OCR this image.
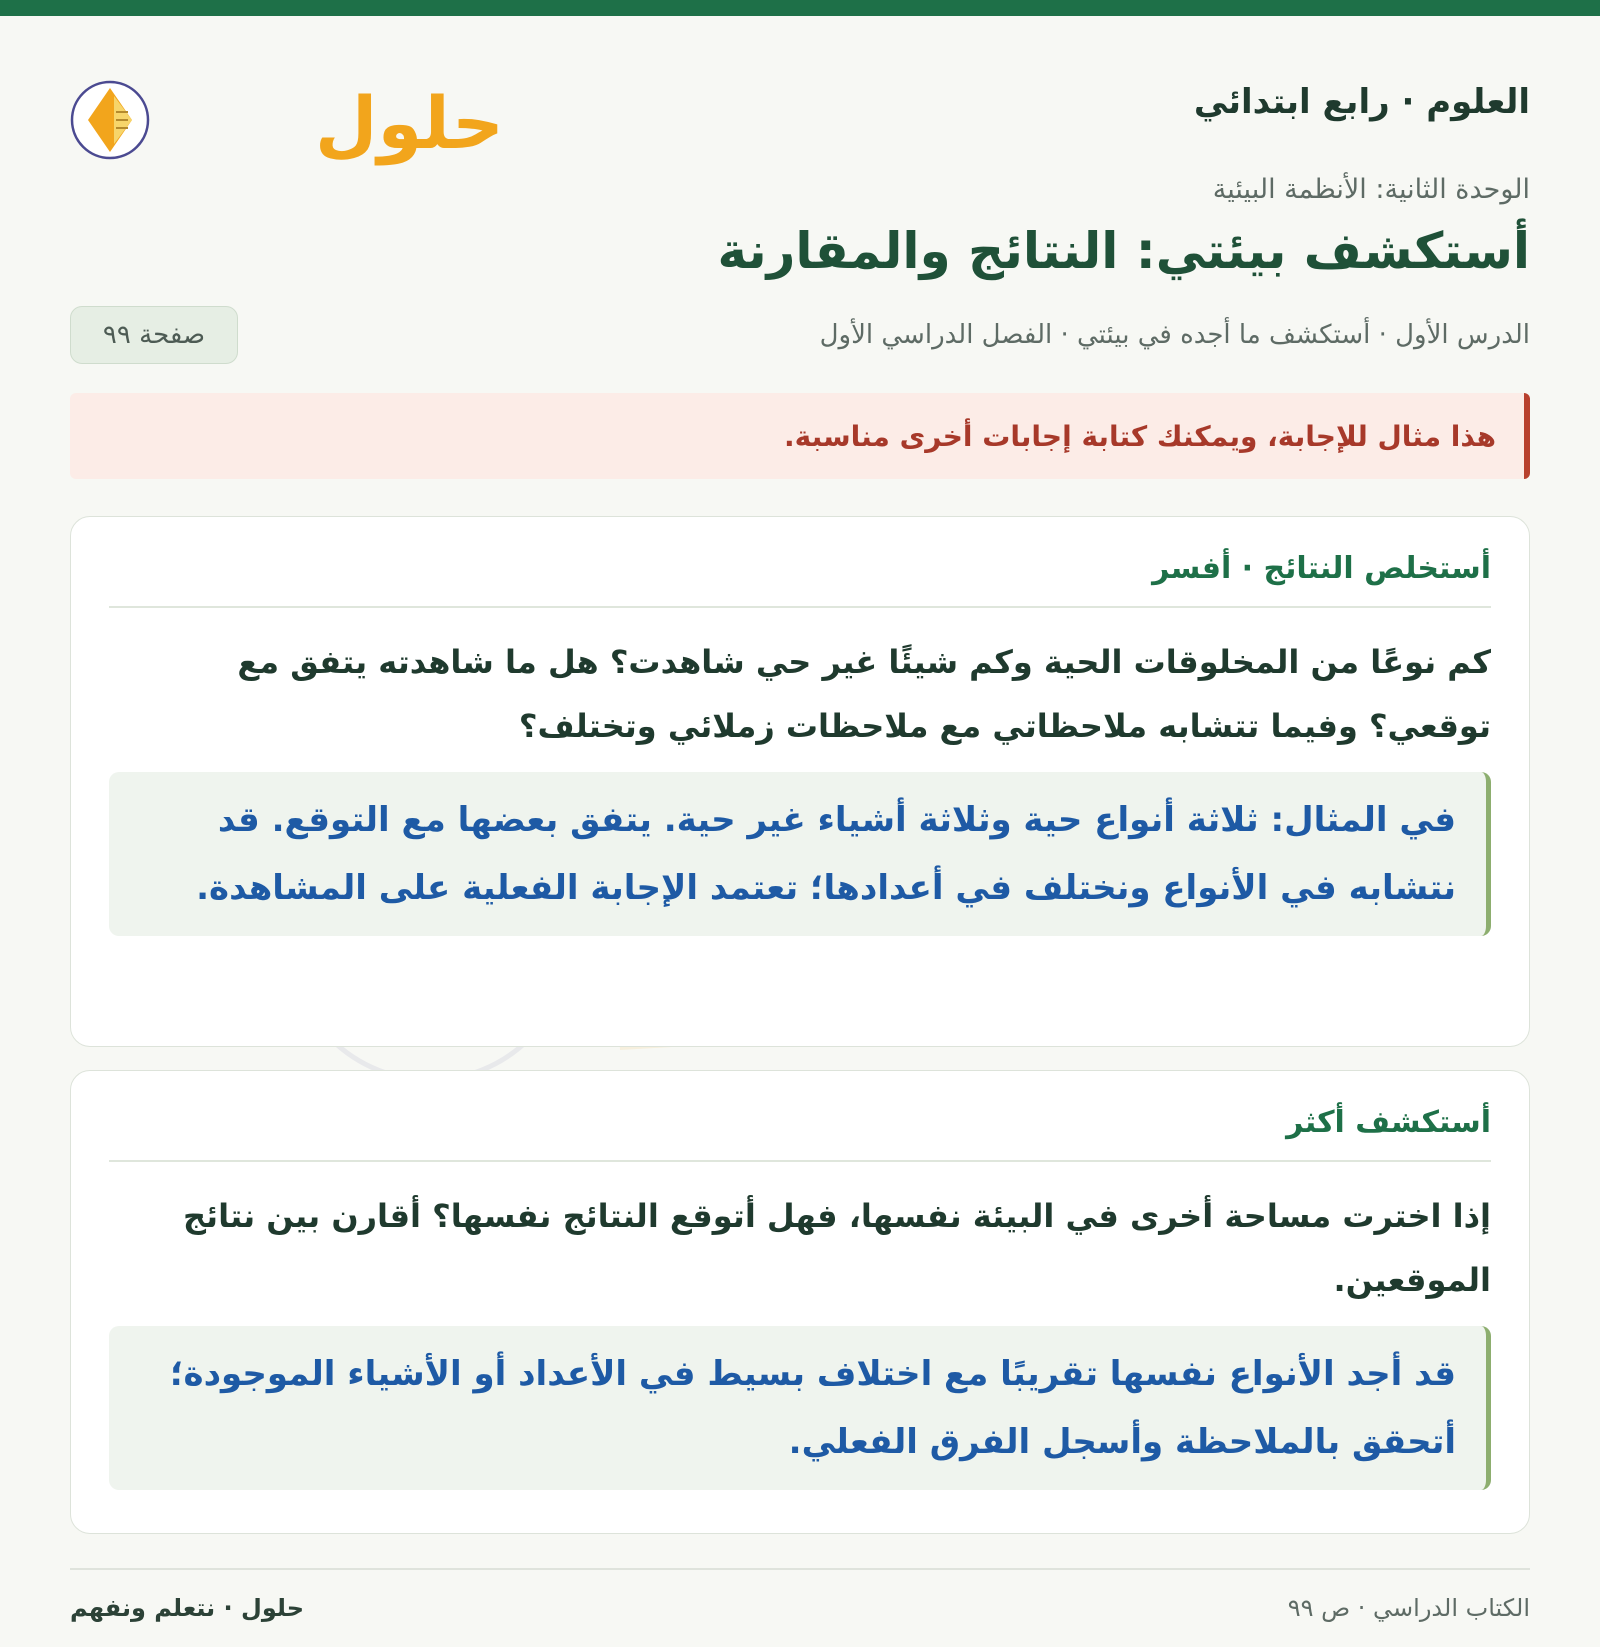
العلوم · رابع ابتدائي
حلول
الوحدة الثانية: الأنظمة البيئية
أستكشف بيئتي: النتائج والمقارنة
الدرس الأول · أستكشف ما أجده في بيئتي · الفصل الدراسي الأول
صفحة ٩٩
هذا مثال للإجابة، ويمكنك كتابة إجابات أخرى مناسبة.
أستخلص النتائج · أفسر
كم نوعًا من المخلوقات الحية وكم شيئًا غير حي شاهدت؟ هل ما شاهدته يتفق مع توقعي؟ وفيما تتشابه ملاحظاتي مع ملاحظات زملائي وتختلف؟
في المثال: ثلاثة أنواع حية وثلاثة أشياء غير حية. يتفق بعضها مع التوقع. قد نتشابه في الأنواع ونختلف في أعدادها؛ تعتمد الإجابة الفعلية على المشاهدة.
أستكشف أكثر
إذا اخترت مساحة أخرى في البيئة نفسها، فهل أتوقع النتائج نفسها؟ أقارن بين نتائج الموقعين.
قد أجد الأنواع نفسها تقريبًا مع اختلاف بسيط في الأعداد أو الأشياء الموجودة؛ أتحقق بالملاحظة وأسجل الفرق الفعلي.
الكتاب الدراسي · ص ٩٩
حلول · نتعلم ونفهم
